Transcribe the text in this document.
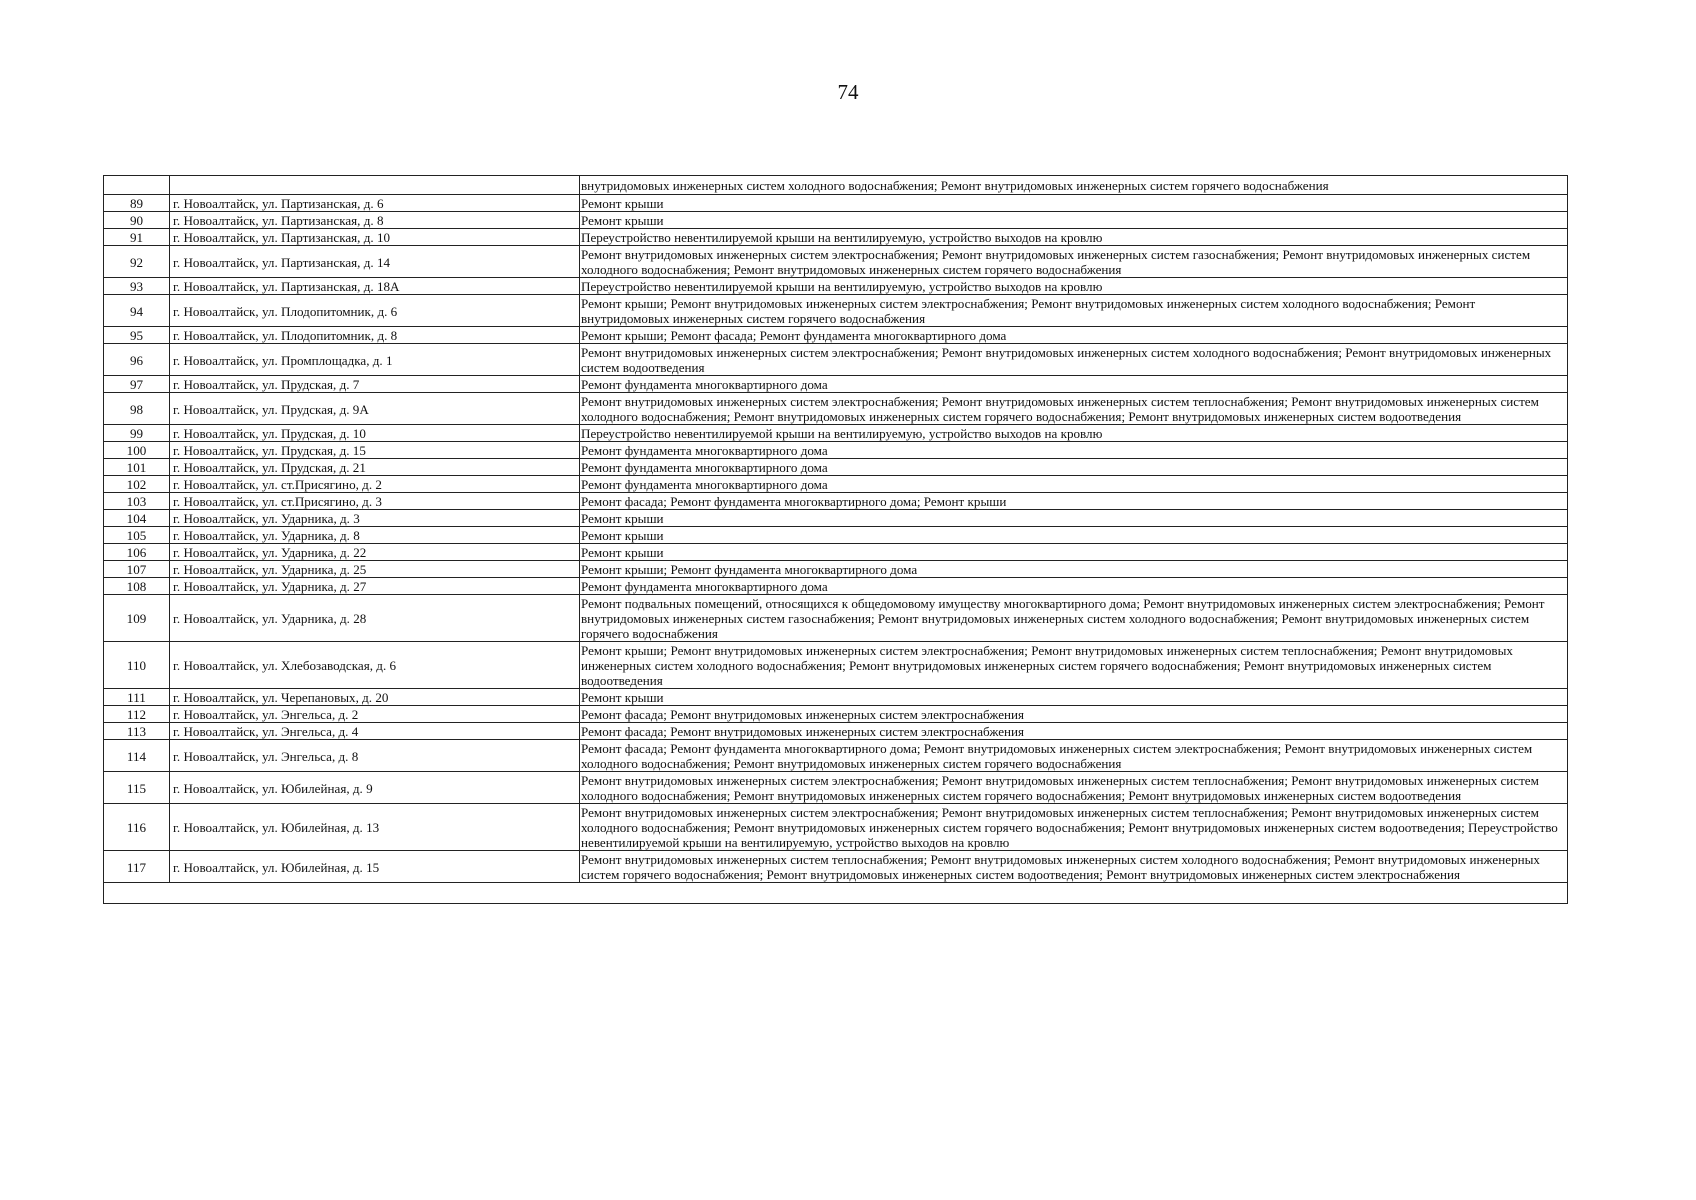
74
		внутридомовых инженерных систем холодного водоснабжения; Ремонт внутридомовых инженерных систем горячего водоснабжения
89	г. Новоалтайск, ул. Партизанская, д. 6	Ремонт крыши
90	г. Новоалтайск, ул. Партизанская, д. 8	Ремонт крыши
91	г. Новоалтайск, ул. Партизанская, д. 10	Переустройство невентилируемой крыши на вентилируемую, устройство выходов на кровлю
92	г. Новоалтайск, ул. Партизанская, д. 14	Ремонт внутридомовых инженерных систем электроснабжения; Ремонт внутридомовых инженерных систем газоснабжения; Ремонт внутридомовых инженерных систем холодного водоснабжения; Ремонт внутридомовых инженерных систем горячего водоснабжения
93	г. Новоалтайск, ул. Партизанская, д. 18А	Переустройство невентилируемой крыши на вентилируемую, устройство выходов на кровлю
94	г. Новоалтайск, ул. Плодопитомник, д. 6	Ремонт крыши; Ремонт внутридомовых инженерных систем электроснабжения; Ремонт внутридомовых инженерных систем холодного водоснабжения; Ремонт внутридомовых инженерных систем горячего водоснабжения
95	г. Новоалтайск, ул. Плодопитомник, д. 8	Ремонт крыши; Ремонт фасада; Ремонт фундамента многоквартирного дома
96	г. Новоалтайск, ул. Промплощадка, д. 1	Ремонт внутридомовых инженерных систем электроснабжения; Ремонт внутридомовых инженерных систем холодного водоснабжения; Ремонт внутридомовых инженерных систем водоотведения
97	г. Новоалтайск, ул. Прудская, д. 7	Ремонт фундамента многоквартирного дома
98	г. Новоалтайск, ул. Прудская, д. 9А	Ремонт внутридомовых инженерных систем электроснабжения; Ремонт внутридомовых инженерных систем теплоснабжения; Ремонт внутридомовых инженерных систем холодного водоснабжения; Ремонт внутридомовых инженерных систем горячего водоснабжения; Ремонт внутридомовых инженерных систем водоотведения
99	г. Новоалтайск, ул. Прудская, д. 10	Переустройство невентилируемой крыши на вентилируемую, устройство выходов на кровлю
100	г. Новоалтайск, ул. Прудская, д. 15	Ремонт фундамента многоквартирного дома
101	г. Новоалтайск, ул. Прудская, д. 21	Ремонт фундамента многоквартирного дома
102	г. Новоалтайск, ул. ст.Присягино, д. 2	Ремонт фундамента многоквартирного дома
103	г. Новоалтайск, ул. ст.Присягино, д. 3	Ремонт фасада; Ремонт фундамента многоквартирного дома; Ремонт крыши
104	г. Новоалтайск, ул. Ударника, д. 3	Ремонт крыши
105	г. Новоалтайск, ул. Ударника, д. 8	Ремонт крыши
106	г. Новоалтайск, ул. Ударника, д. 22	Ремонт крыши
107	г. Новоалтайск, ул. Ударника, д. 25	Ремонт крыши; Ремонт фундамента многоквартирного дома
108	г. Новоалтайск, ул. Ударника, д. 27	Ремонт фундамента многоквартирного дома
109	г. Новоалтайск, ул. Ударника, д. 28	Ремонт подвальных помещений, относящихся к общедомовому имуществу многоквартирного дома; Ремонт внутридомовых инженерных систем электроснабжения; Ремонт внутридомовых инженерных систем газоснабжения; Ремонт внутридомовых инженерных систем холодного водоснабжения; Ремонт внутридомовых инженерных систем горячего водоснабжения
110	г. Новоалтайск, ул. Хлебозаводская, д. 6	Ремонт крыши; Ремонт внутридомовых инженерных систем электроснабжения; Ремонт внутридомовых инженерных систем теплоснабжения; Ремонт внутридомовых инженерных систем холодного водоснабжения; Ремонт внутридомовых инженерных систем горячего водоснабжения; Ремонт внутридомовых инженерных систем водоотведения
111	г. Новоалтайск, ул. Черепановых, д. 20	Ремонт крыши
112	г. Новоалтайск, ул. Энгельса, д. 2	Ремонт фасада; Ремонт внутридомовых инженерных систем электроснабжения
113	г. Новоалтайск, ул. Энгельса, д. 4	Ремонт фасада; Ремонт внутридомовых инженерных систем электроснабжения
114	г. Новоалтайск, ул. Энгельса, д. 8	Ремонт фасада; Ремонт фундамента многоквартирного дома; Ремонт внутридомовых инженерных систем электроснабжения; Ремонт внутридомовых инженерных систем холодного водоснабжения; Ремонт внутридомовых инженерных систем горячего водоснабжения
115	г. Новоалтайск, ул. Юбилейная, д. 9	Ремонт внутридомовых инженерных систем электроснабжения; Ремонт внутридомовых инженерных систем теплоснабжения; Ремонт внутридомовых инженерных систем холодного водоснабжения; Ремонт внутридомовых инженерных систем горячего водоснабжения; Ремонт внутридомовых инженерных систем водоотведения
116	г. Новоалтайск, ул. Юбилейная, д. 13	Ремонт внутридомовых инженерных систем электроснабжения; Ремонт внутридомовых инженерных систем теплоснабжения; Ремонт внутридомовых инженерных систем холодного водоснабжения; Ремонт внутридомовых инженерных систем горячего водоснабжения; Ремонт внутридомовых инженерных систем водоотведения; Переустройство невентилируемой крыши на вентилируемую, устройство выходов на кровлю
117	г. Новоалтайск, ул. Юбилейная, д. 15	Ремонт внутридомовых инженерных систем теплоснабжения; Ремонт внутридомовых инженерных систем холодного водоснабжения; Ремонт внутридомовых инженерных систем горячего водоснабжения; Ремонт внутридомовых инженерных систем водоотведения; Ремонт внутридомовых инженерных систем электроснабжения
